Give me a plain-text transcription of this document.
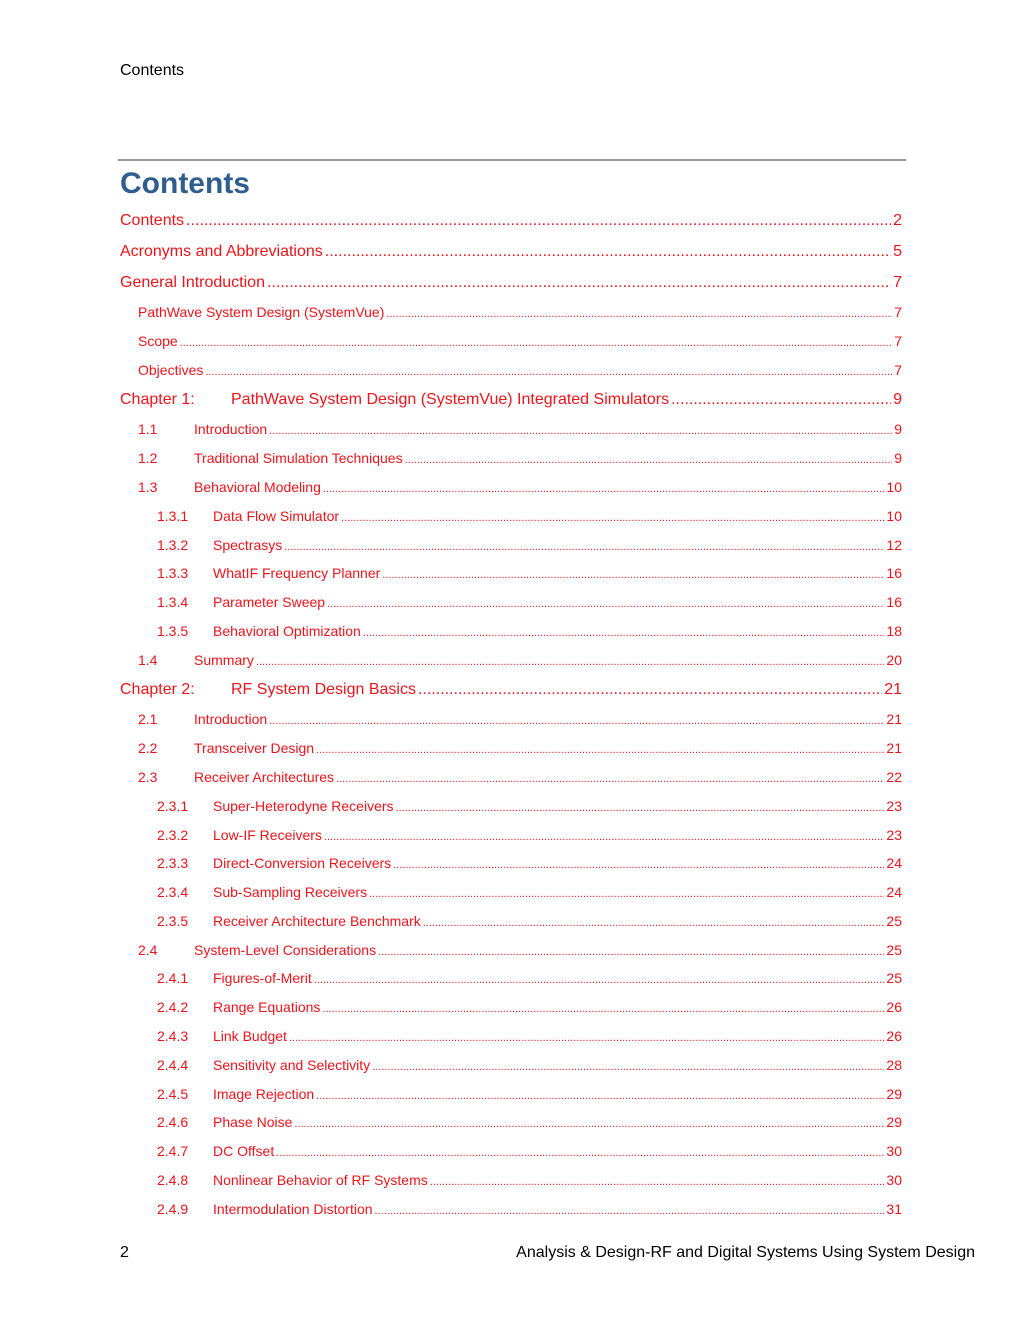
Contents
Contents
Contents .....	2
Acronyms and Abbreviations .....	5
General Introduction .....	7
PathWave System Design (SystemVue) .....	7
Scope .....	7
Objectives .....	7
Chapter 1:	PathWave System Design (SystemVue) Integrated Simulators .....	9
1.1	Introduction .....	9
1.2	Traditional Simulation Techniques .....	9
1.3	Behavioral Modeling .....	10
1.3.1	Data Flow Simulator .....	10
1.3.2	Spectrasys .....	12
1.3.3	WhatIF Frequency Planner .....	16
1.3.4	Parameter Sweep .....	16
1.3.5	Behavioral Optimization .....	18
1.4	Summary .....	20
Chapter 2:	RF System Design Basics .....	21
2.1	Introduction .....	21
2.2	Transceiver Design .....	21
2.3	Receiver Architectures .....	22
2.3.1	Super-Heterodyne Receivers .....	23
2.3.2	Low-IF Receivers .....	23
2.3.3	Direct-Conversion Receivers .....	24
2.3.4	Sub-Sampling Receivers .....	24
2.3.5	Receiver Architecture Benchmark .....	25
2.4	System-Level Considerations .....	25
2.4.1	Figures-of-Merit .....	25
2.4.2	Range Equations .....	26
2.4.3	Link Budget .....	26
2.4.4	Sensitivity and Selectivity .....	28
2.4.5	Image Rejection .....	29
2.4.6	Phase Noise .....	29
2.4.7	DC Offset .....	30
2.4.8	Nonlinear Behavior of RF Systems .....	30
2.4.9	Intermodulation Distortion .....	31
2	Analysis & Design-RF and Digital Systems Using System Design
